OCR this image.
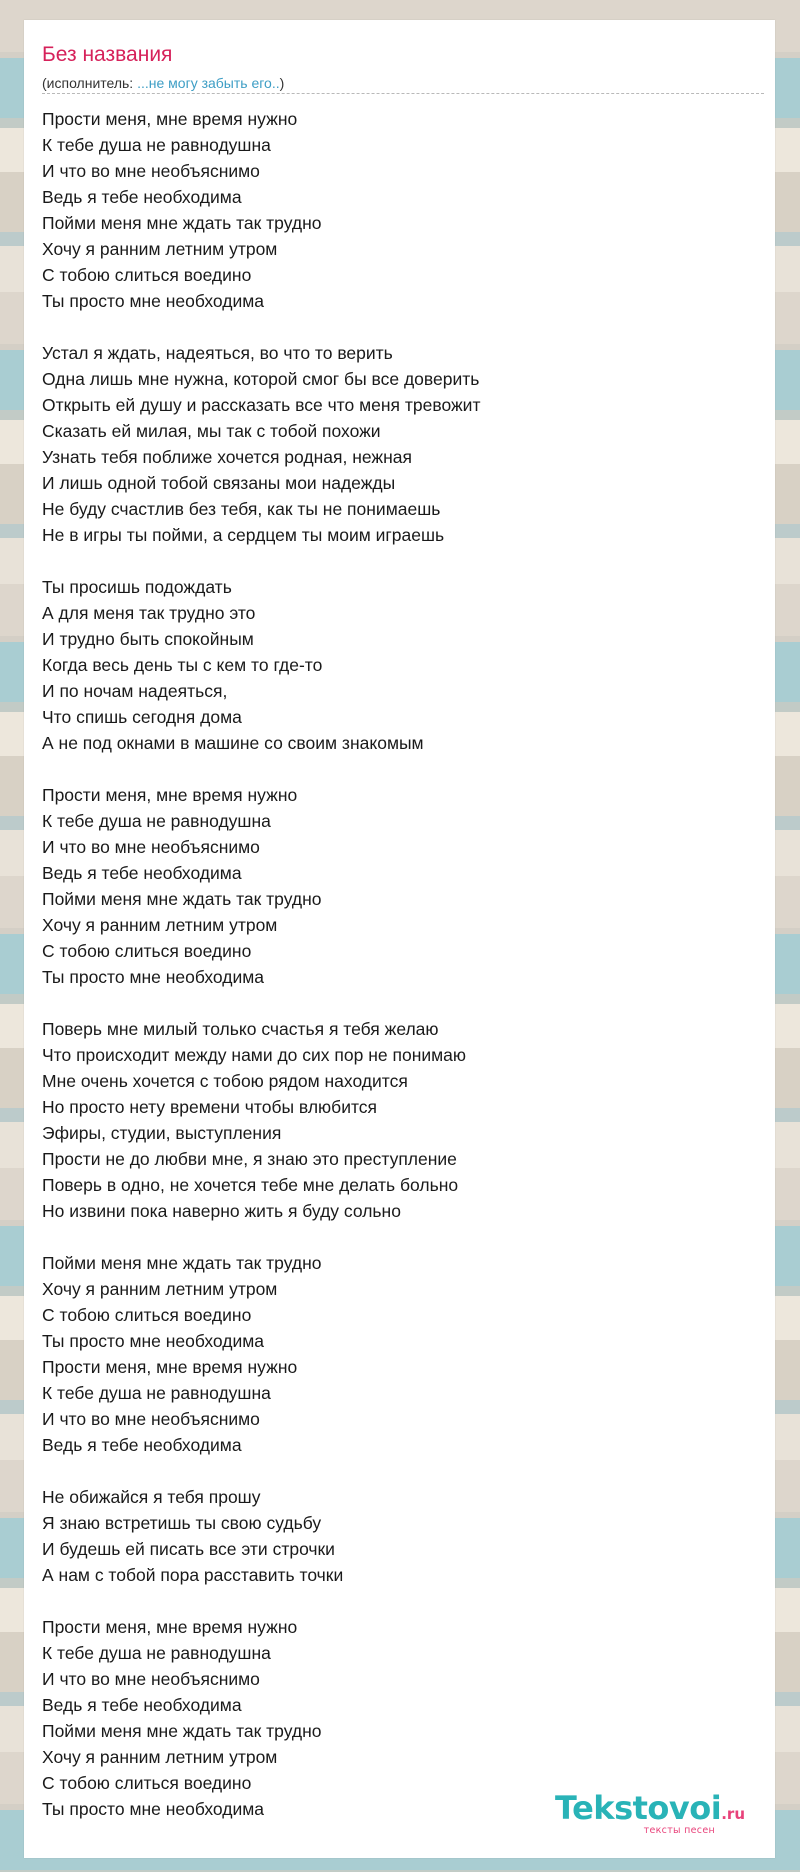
Без названия
(исполнитель: ...не могу забыть его..)
Прости меня, мне время нужно
К тебе душа не равнодушна
И что во мне необъяснимо
Ведь я тебе необходима
Пойми меня мне ждать так трудно
Хочу я ранним летним утром
С тобою слиться воедино
Ты просто мне необходима
Устал я ждать, надеяться, во что то верить
Одна лишь мне нужна, которой смог бы все доверить
Открыть ей душу и рассказать все что меня тревожит
Сказать ей милая, мы так с тобой похожи
Узнать тебя поближе хочется родная, нежная
И лишь одной тобой связаны мои надежды
Не буду счастлив без тебя, как ты не понимаешь
Не в игры ты пойми, а сердцем ты моим играешь
Ты просишь подождать
А для меня так трудно это
И трудно быть спокойным
Когда весь день ты с кем то где-то
И по ночам надеяться,
Что спишь сегодня дома
А не под окнами в машине со своим знакомым
Прости меня, мне время нужно
К тебе душа не равнодушна
И что во мне необъяснимо
Ведь я тебе необходима
Пойми меня мне ждать так трудно
Хочу я ранним летним утром
С тобою слиться воедино
Ты просто мне необходима
Поверь мне милый только счастья я тебя желаю
Что происходит между нами до сих пор не понимаю
Мне очень хочется с тобою рядом находится
Но просто нету времени чтобы влюбится
Эфиры, студии, выступления
Прости не до любви мне, я знаю это преступление
Поверь в одно, не хочется тебе мне делать больно
Но извини пока наверно жить я буду сольно
Пойми меня мне ждать так трудно
Хочу я ранним летним утром
С тобою слиться воедино
Ты просто мне необходима
Прости меня, мне время нужно
К тебе душа не равнодушна
И что во мне необъяснимо
Ведь я тебе необходима
Не обижайся я тебя прошу
Я знаю встретишь ты свою судьбу
И будешь ей писать все эти строчки
А нам с тобой пора расставить точки
Прости меня, мне время нужно
К тебе душа не равнодушна
И что во мне необъяснимо
Ведь я тебе необходима
Пойми меня мне ждать так трудно
Хочу я ранним летним утром
С тобою слиться воедино
Ты просто мне необходима	Tekstovoi.ru
тексты песен
